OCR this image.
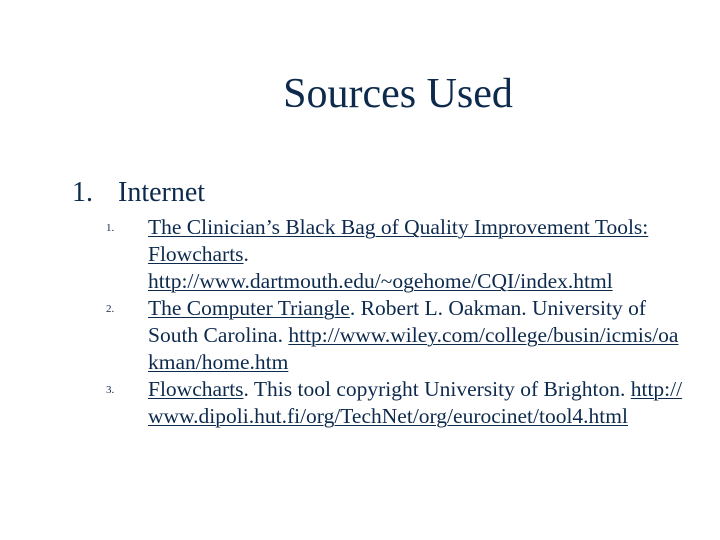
Sources Used
1. Internet
1. The Clinician’s Black Bag of Quality Improvement Tools: Flowcharts.
http://www.dartmouth.edu/~ogehome/CQI/index.html
2. The Computer Triangle. Robert L. Oakman. University of South Carolina. http://www.wiley.com/college/busin/icmis/oakman/home.htm
3. Flowcharts. This tool copyright University of Brighton. http://www.dipoli.hut.fi/org/TechNet/org/eurocinet/tool4.html
